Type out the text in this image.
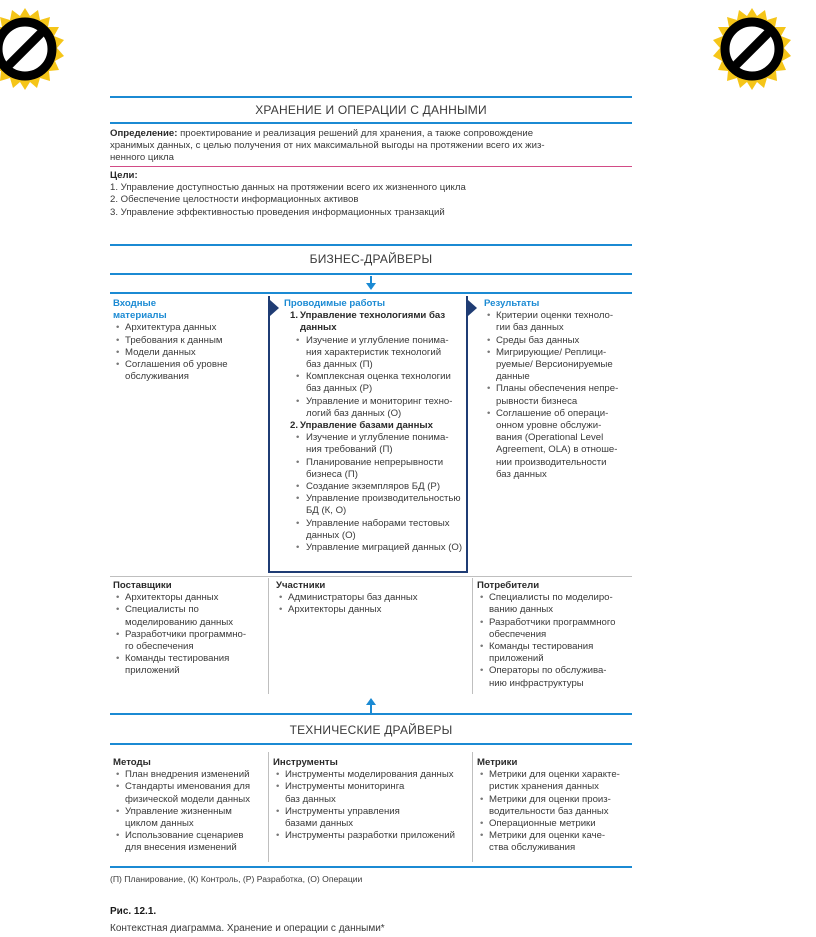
ХРАНЕНИЕ И ОПЕРАЦИИ С ДАННЫМИ
Определение: проектирование и реализация решений для хранения, а также сопровождение
хранимых данных, с целью получения от них максимальной выгоды на протяжении всего их жиз-
ненного цикла
Цели:
1. Управление доступностью данных на протяжении всего их жизненного цикла
2. Обеспечение целостности информационных активов
3. Управление эффективностью проведения информационных транзакций
БИЗНЕС-ДРАЙВЕРЫ
Входные
материалы
• Архитектура данных
• Требования к данным
• Модели данных
• Соглашения об уровне
обслуживания
Проводимые работы
1. Управление технологиями баз
данных
• Изучение и углубление понима-
ния характеристик технологий
баз данных (П)
• Комплексная оценка технологии
баз данных (Р)
• Управление и мониторинг техно-
логий баз данных (О)
2. Управление базами данных
• Изучение и углубление понима-
ния требований (П)
• Планирование непрерывности
бизнеса (П)
• Создание экземпляров БД (Р)
• Управление производительностью
БД (К, О)
• Управление наборами тестовых
данных (О)
• Управление миграцией данных (О)
Результаты
• Критерии оценки техноло-
гии баз данных
• Среды баз данных
• Мигрирующие/ Реплици-
руемые/ Версионируемые
данные
• Планы обеспечения непре-
рывности бизнеса
• Соглашение об операци-
онном уровне обслужи-
вания (Operational Level
Agreement, OLA) в отноше-
нии производительности
баз данных
Поставщики
• Архитекторы данных
• Специалисты по
моделированию данных
• Разработчики программно-
го обеспечения
• Команды тестирования
приложений
Участники
• Администраторы баз данных
• Архитекторы данных
Потребители
• Специалисты по моделиро-
ванию данных
• Разработчики программного
обеспечения
• Команды тестирования
приложений
• Операторы по обслужива-
нию инфраструктуры
ТЕХНИЧЕСКИЕ ДРАЙВЕРЫ
Методы
• План внедрения изменений
• Стандарты именования для
физической модели данных
• Управление жизненным
циклом данных
• Использование сценариев
для внесения изменений
Инструменты
• Инструменты моделирования данных
• Инструменты мониторинга
баз данных
• Инструменты управления
базами данных
• Инструменты разработки приложений
Метрики
• Метрики для оценки характе-
ристик хранения данных
• Метрики для оценки произ-
водительности баз данных
• Операционные метрики
• Метрики для оценки каче-
ства обслуживания
(П) Планирование, (К) Контроль, (Р) Разработка, (О) Операции
Рис. 12.1.
Контекстная диаграмма. Хранение и операции с данными*
